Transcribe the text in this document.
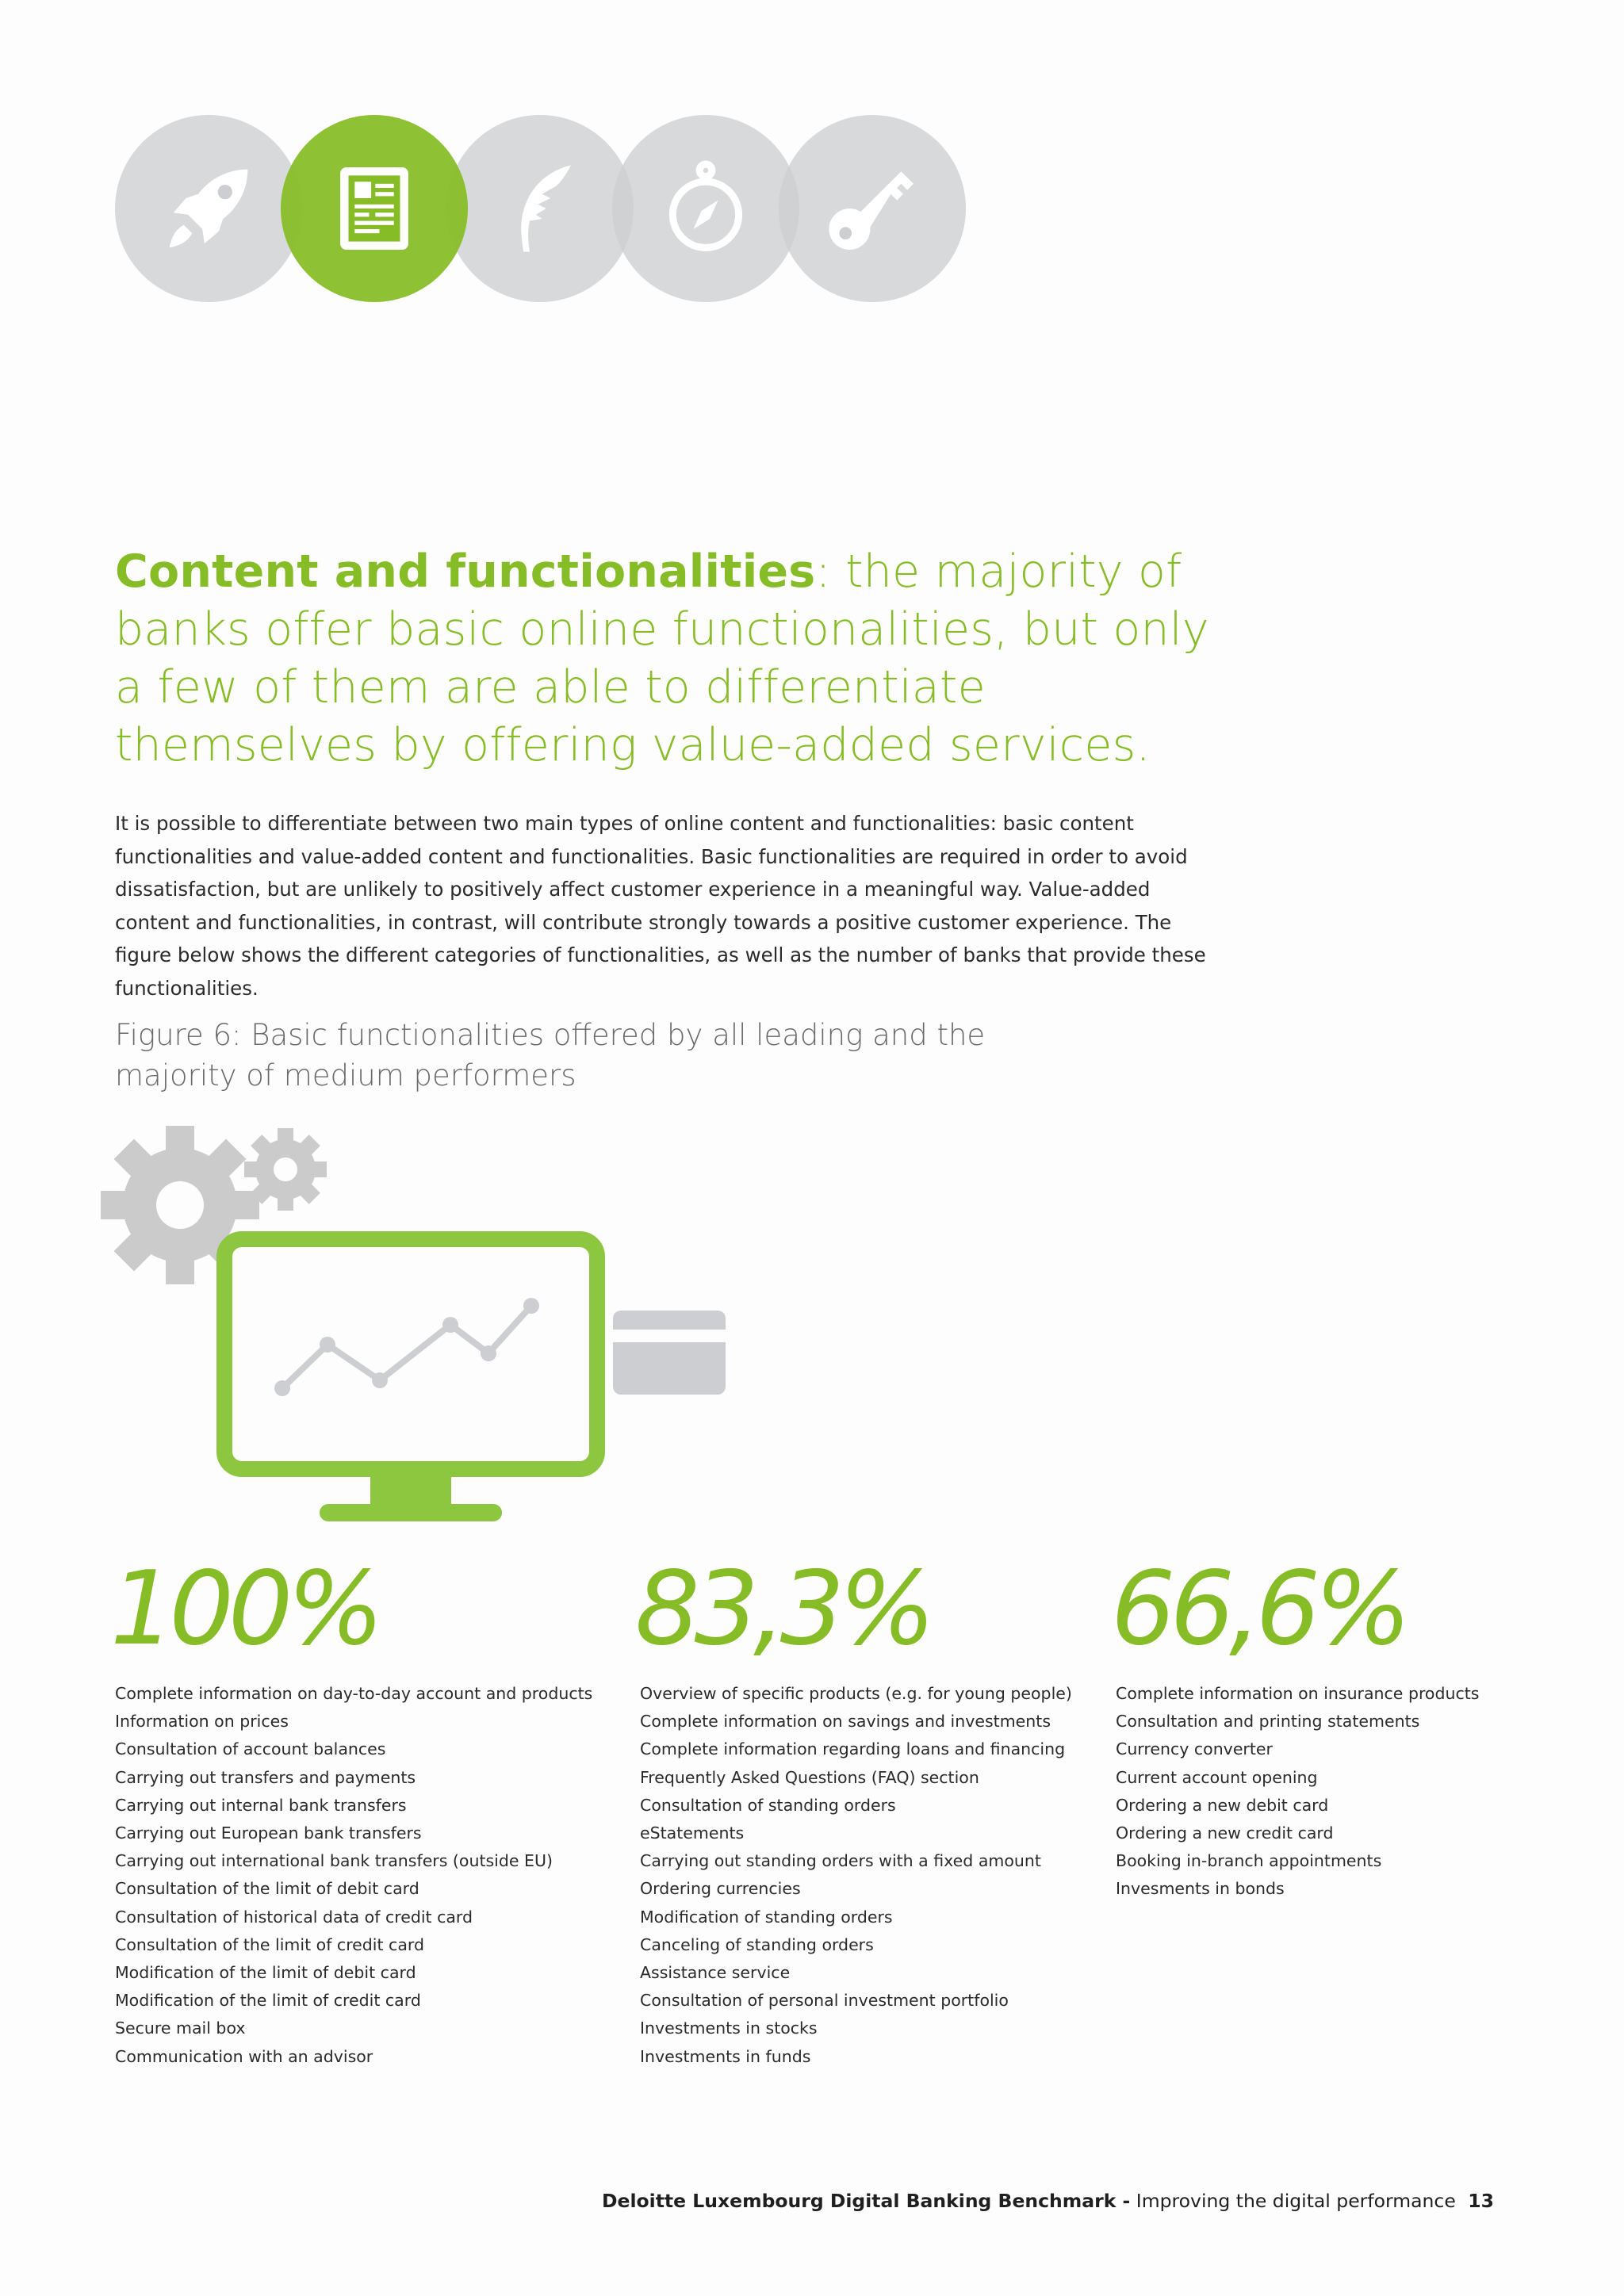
Content and functionalities: the majority of banks offer basic online functionalities, but only a few of them are able to differentiate themselves by offering value-added services.

It is possible to differentiate between two main types of online content and functionalities: basic content functionalities and value-added content and functionalities. Basic functionalities are required in order to avoid dissatisfaction, but are unlikely to positively affect customer experience in a meaningful way. Value-added content and functionalities, in contrast, will contribute strongly towards a positive customer experience. The figure below shows the different categories of functionalities, as well as the number of banks that provide these functionalities.

Figure 6: Basic functionalities offered by all leading and the majority of medium performers

100%
Complete information on day-to-day account and products
Information on prices
Consultation of account balances
Carrying out transfers and payments
Carrying out internal bank transfers
Carrying out European bank transfers
Carrying out international bank transfers (outside EU)
Consultation of the limit of debit card
Consultation of historical data of credit card
Consultation of the limit of credit card
Modification of the limit of debit card
Modification of the limit of credit card
Secure mail box
Communication with an advisor
83,3%
Overview of specific products (e.g. for young people)
Complete information on savings and investments
Complete information regarding loans and financing
Frequently Asked Questions (FAQ) section
Consultation of standing orders
eStatements
Carrying out standing orders with a fixed amount
Ordering currencies
Modification of standing orders
Canceling of standing orders
Assistance service
Consultation of personal investment portfolio
Investments in stocks
Investments in funds
66,6%
Complete information on insurance products
Consultation and printing statements
Currency converter
Current account opening
Ordering a new debit card
Ordering a new credit card
Booking in-branch appointments
Invesments in bonds
Deloitte Luxembourg Digital Banking Benchmark - Improving the digital performance 13
